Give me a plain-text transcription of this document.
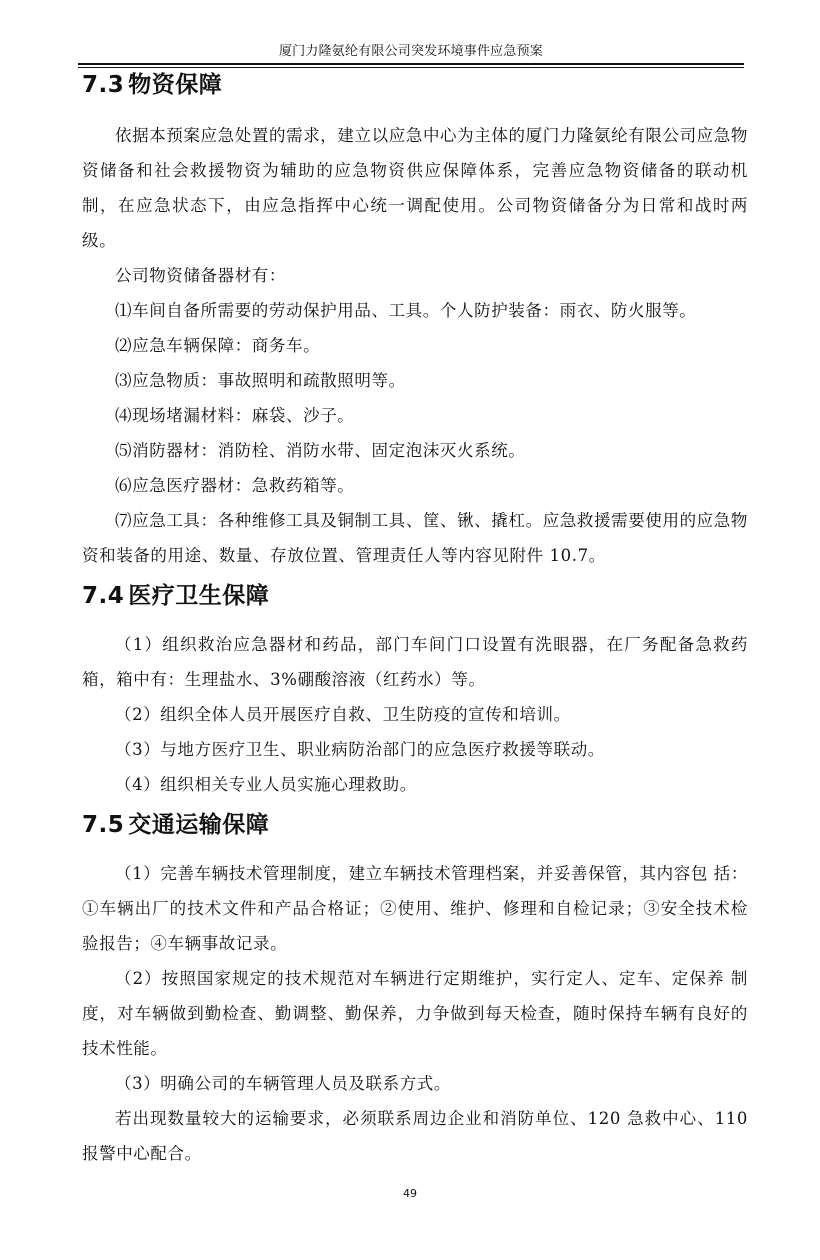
厦门力隆氨纶有限公司突发环境事件应急预案
7.3 物资保障

依据本预案应急处置的需求，建立以应急中心为主体的厦门力隆氨纶有限公司应急物资储备和社会救援物资为辅助的应急物资供应保障体系，完善应急物资储备的联动机制，在应急状态下，由应急指挥中心统一调配使用。公司物资储备分为日常和战时两级。

公司物资储备器材有：

⑴车间自备所需要的劳动保护用品、工具。个人防护装备：雨衣、防火服等。

⑵应急车辆保障：商务车。

⑶应急物质：事故照明和疏散照明等。

⑷现场堵漏材料：麻袋、沙子。

⑸消防器材：消防栓、消防水带、固定泡沫灭火系统。

⑹应急医疗器材：急救药箱等。

⑺应急工具：各种维修工具及铜制工具、筐、锹、撬杠。应急救援需要使用的应急物资和装备的用途、数量、存放位置、管理责任人等内容见附件 10.7。

7.4 医疗卫生保障

（1）组织救治应急器材和药品，部门车间门口设置有洗眼器，在厂务配备急救药箱，箱中有：生理盐水、3%硼酸溶液（红药水）等。

（2）组织全体人员开展医疗自救、卫生防疫的宣传和培训。

（3）与地方医疗卫生、职业病防治部门的应急医疗救援等联动。

（4）组织相关专业人员实施心理救助。

7.5 交通运输保障

（1）完善车辆技术管理制度，建立车辆技术管理档案，并妥善保管，其内容包 括：①车辆出厂的技术文件和产品合格证；②使用、维护、修理和自检记录；③安全技术检验报告；④车辆事故记录。

（2）按照国家规定的技术规范对车辆进行定期维护，实行定人、定车、定保养 制度，对车辆做到勤检查、勤调整、勤保养，力争做到每天检查，随时保持车辆有良好的技术性能。

（3）明确公司的车辆管理人员及联系方式。

若出现数量较大的运输要求，必须联系周边企业和消防单位、120 急救中心、110 报警中心配合。

49
